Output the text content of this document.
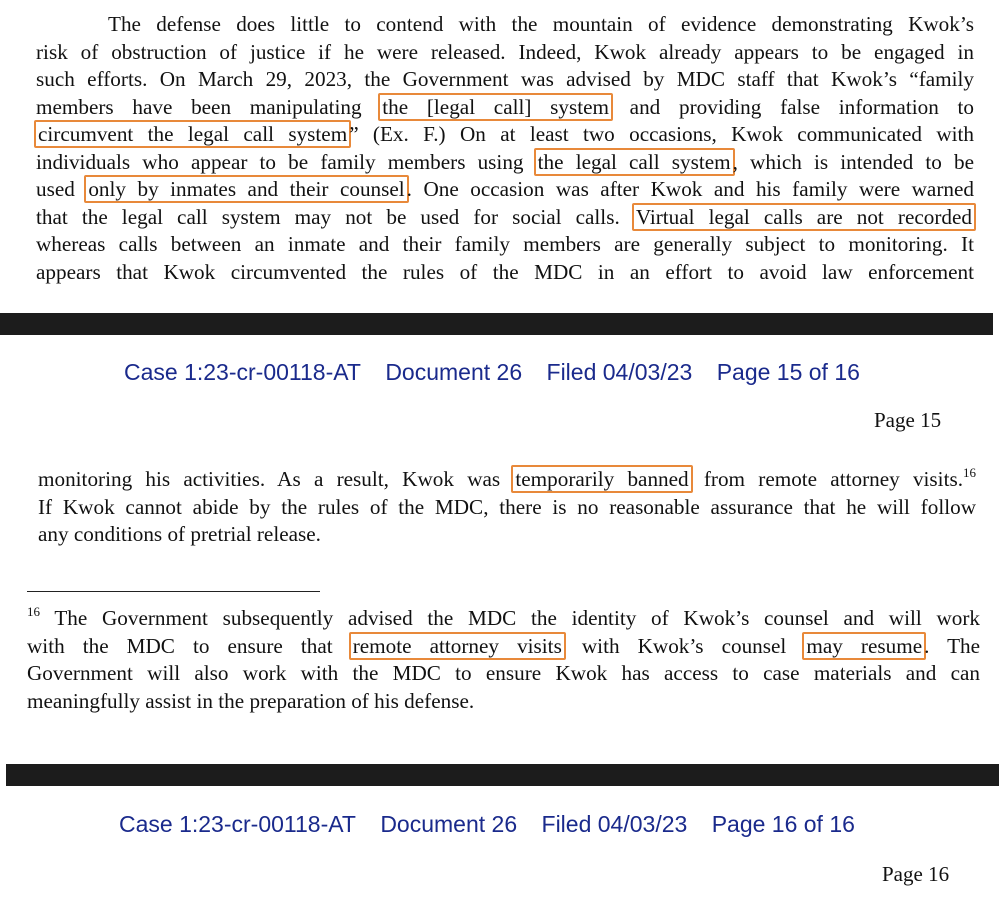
The defense does little to contend with the mountain of evidence demonstrating Kwok’s
risk of obstruction of justice if he were released. Indeed, Kwok already appears to be engaged in
such efforts. On March 29, 2023, the Government was advised by MDC staff that Kwok’s “family
members have been manipulating the [legal call] system and providing false information to
circumvent the legal call system” (Ex. F.) On at least two occasions, Kwok communicated with
individuals who appear to be family members using the legal call system, which is intended to be
used only by inmates and their counsel. One occasion was after Kwok and his family were warned
that the legal call system may not be used for social calls. Virtual legal calls are not recorded
whereas calls between an inmate and their family members are generally subject to monitoring. It
appears that Kwok circumvented the rules of the MDC in an effort to avoid law enforcement
Case 1:23-cr-00118-AT Document 26 Filed 04/03/23 Page 15 of 16
Page 15
monitoring his activities. As a result, Kwok was temporarily banned from remote attorney visits.$^{16}$
If Kwok cannot abide by the rules of the MDC, there is no reasonable assurance that he will follow
any conditions of pretrial release.
$^{16}$ The Government subsequently advised the MDC the identity of Kwok’s counsel and will work
with the MDC to ensure that remote attorney visits with Kwok’s counsel may resume. The
Government will also work with the MDC to ensure Kwok has access to case materials and can
meaningfully assist in the preparation of his defense.
Case 1:23-cr-00118-AT Document 26 Filed 04/03/23 Page 16 of 16
Page 16
